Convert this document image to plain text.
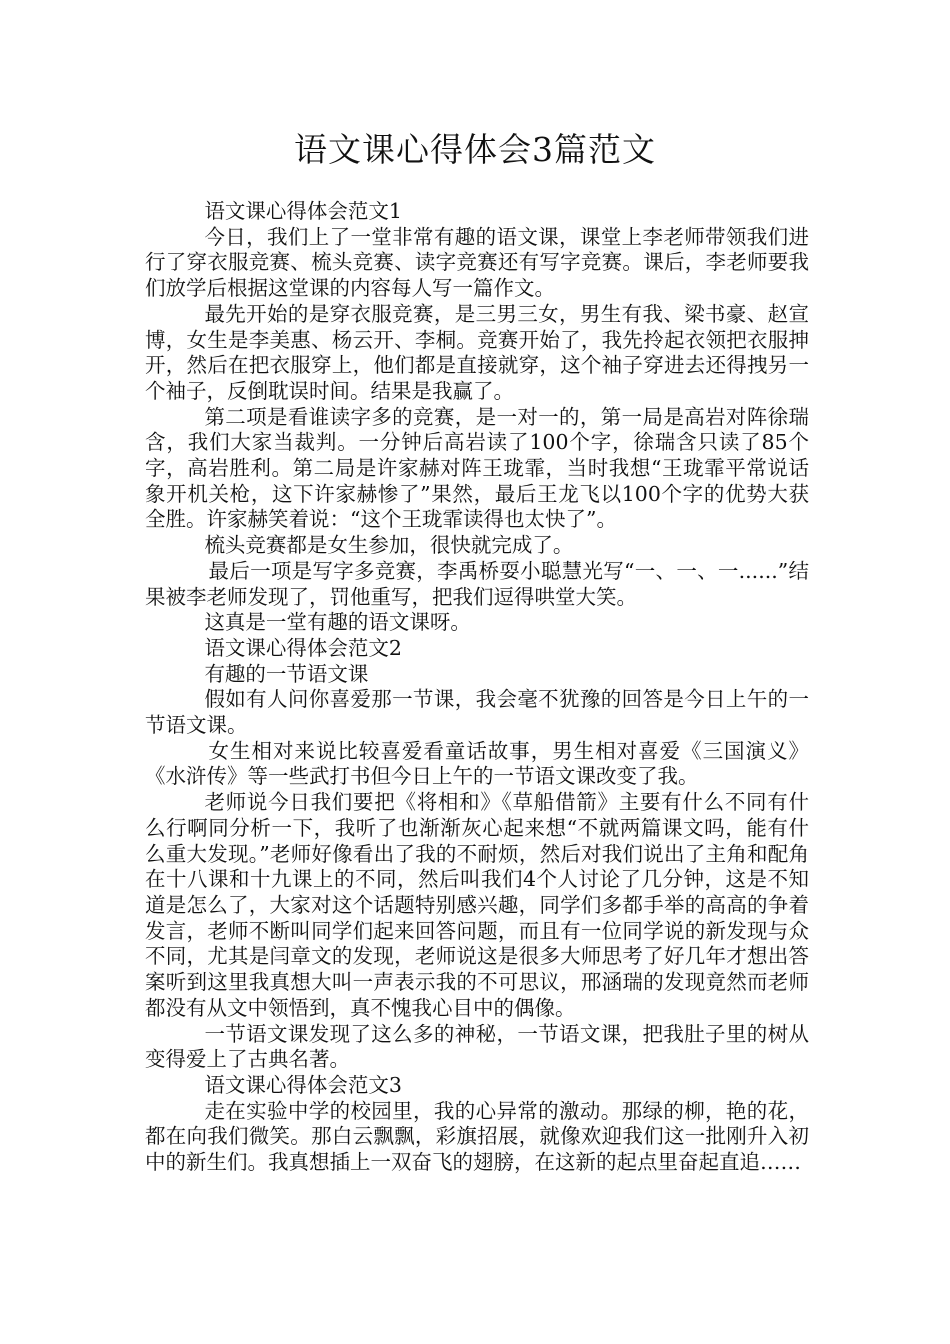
语文课心得体会3篇范文

语文课心得体会范文1

今日，我们上了一堂非常有趣的语文课，课堂上李老师带领我们进行了穿衣服竞赛、梳头竞赛、读字竞赛还有写字竞赛。课后，李老师要我们放学后根据这堂课的内容每人写一篇作文。

最先开始的是穿衣服竞赛，是三男三女，男生有我、梁书豪、赵宣博，女生是李美惠、杨云开、李桐。竞赛开始了，我先拎起衣领把衣服抻开，然后在把衣服穿上，他们都是直接就穿，这个袖子穿进去还得拽另一个袖子，反倒耽误时间。结果是我赢了。

第二项是看谁读字多的竞赛，是一对一的，第一局是高岩对阵徐瑞含，我们大家当裁判。一分钟后高岩读了100个字，徐瑞含只读了85个字，高岩胜利。第二局是许家赫对阵王珑霏，当时我想“王珑霏平常说话象开机关枪，这下许家赫惨了”果然，最后王龙飞以100个字的优势大获全胜。许家赫笑着说：“这个王珑霏读得也太快了”。

梳头竞赛都是女生参加，很快就完成了。

最后一项是写字多竞赛，李禹桥耍小聪慧光写“一、一、一......”结果被李老师发现了，罚他重写，把我们逗得哄堂大笑。

这真是一堂有趣的语文课呀。

语文课心得体会范文2

有趣的一节语文课

假如有人问你喜爱那一节课，我会毫不犹豫的回答是今日上午的一节语文课。

女生相对来说比较喜爱看童话故事，男生相对喜爱《三国演义》《水浒传》等一些武打书但今日上午的一节语文课改变了我。

老师说今日我们要把《将相和》《草船借箭》主要有什么不同有什么行啊同分析一下，我听了也渐渐灰心起来想“不就两篇课文吗，能有什么重大发现。”老师好像看出了我的不耐烦，然后对我们说出了主角和配角在十八课和十九课上的不同，然后叫我们4个人讨论了几分钟，这是不知道是怎么了，大家对这个话题特别感兴趣，同学们多都手举的高高的争着发言，老师不断叫同学们起来回答问题，而且有一位同学说的新发现与众不同，尤其是闫章文的发现，老师说这是很多大师思考了好几年才想出答案听到这里我真想大叫一声表示我的不可思议，邢涵瑞的发现竟然而老师都没有从文中领悟到，真不愧我心目中的偶像。

一节语文课发现了这么多的神秘，一节语文课，把我肚子里的树从变得爱上了古典名著。

语文课心得体会范文3

走在实验中学的校园里，我的心异常的激动。那绿的柳，艳的花，都在向我们微笑。那白云飘飘，彩旗招展，就像欢迎我们这一批刚升入初中的新生们。我真想插上一双奋飞的翅膀，在这新的起点里奋起直追……
